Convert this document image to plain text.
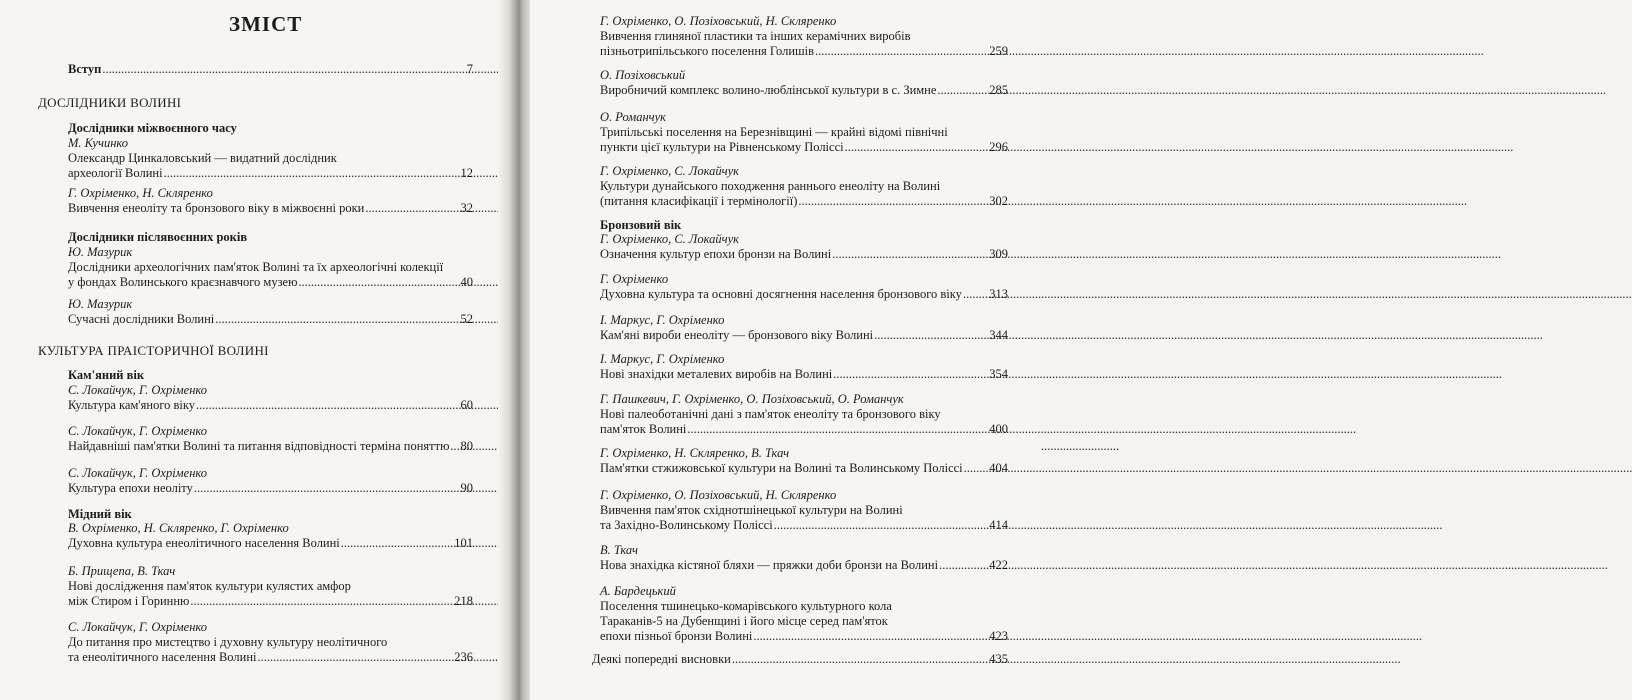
ЗМІСТ
Вступ .....	7
ДОСЛІДНИКИ ВОЛИНІ
Дослідники міжвоєнного часу
М. Кучинко
Олександр Цинкаловський — видатний дослідник
археології Волині .....	12
Г. Охріменко, Н. Скляренко
Вивчення енеоліту та бронзового віку в міжвоєнні роки .....	32
Дослідники післявоєнних років
Ю. Мазурик
Дослідники археологічних пам'яток Волині та їх археологічні колекції
у фондах Волинського краєзнавчого музею .....	40
Ю. Мазурик
Сучасні дослідники Волині .....	52
КУЛЬТУРА ПРАІСТОРИЧНОЇ ВОЛИНІ
Кам'яний вік
С. Локайчук, Г. Охріменко
Культура кам'яного віку .....	60
С. Локайчук, Г. Охріменко
Найдавніші пам'ятки Волині та питання відповідності терміна поняттю ..... 80
С. Локайчук, Г. Охріменко
Культура епохи неоліту .....	90
Мідний вік
В. Охріменко, Н. Скляренко, Г. Охріменко
Духовна культура енеолітичного населення Волині .....	101
Б. Прищепа, В. Ткач
Нові дослідження пам'яток культури кулястих амфор
між Стиром і Горинню .....	218
С. Локайчук, Г. Охріменко
До питання про мистецтво і духовну культуру неолітичного
та енеолітичного населення Волині .....	236
Г. Охріменко, О. Позіховський, Н. Скляренко
Вивчення глиняної пластики та інших керамічних виробів
пізньотрипільського поселення Голишів .....	259
О. Позіховський
Виробничий комплекс волино-люблінської культури в с. Зимне .....	285
О. Романчук
Трипільські поселення на Березнівщині — крайні відомі північні
пункти цієї культури на Рівненському Поліссі .....	296
Г. Охріменко, С. Локайчук
Культури дунайського походження раннього енеоліту на Волині
(питання класифікації і термінології) .....	302
Бронзовий вік
Г. Охріменко, С. Локайчук
Означення культур епохи бронзи на Волині .....	309
Г. Охріменко
Духовна культура та основні досягнення населення бронзового віку ..... 313
І. Маркус, Г. Охріменко
Кам'яні вироби енеоліту — бронзового віку Волині .....	344
І. Маркус, Г. Охріменко
Нові знахідки металевих виробів на Волині .....	354
Г. Пашкевич, Г. Охріменко, О. Позіховський, О. Романчук
Нові палеоботанічні дані з пам'яток енеоліту та бронзового віку
пам'яток Волині .....	400
Г. Охріменко, Н. Скляренко, В. Ткач
Пам'ятки стжижовської культури на Волині та Волинському Поліссі ..... 404
Г. Охріменко, О. Позіховський, Н. Скляренко
Вивчення пам'яток східнотшінецької культури на Волині
та Західно-Волинському Поліссі .....	414
В. Ткач
Нова знахідка кістяної бляхи — пряжки доби бронзи на Волині .....	422
А. Бардецький
Поселення тшинецько-комарівського культурного кола
Тараканів-5 на Дубенщині і його місце серед пам'яток
епохи пізньої бронзи Волині .....	423
Деякі попередні висновки .....	435
